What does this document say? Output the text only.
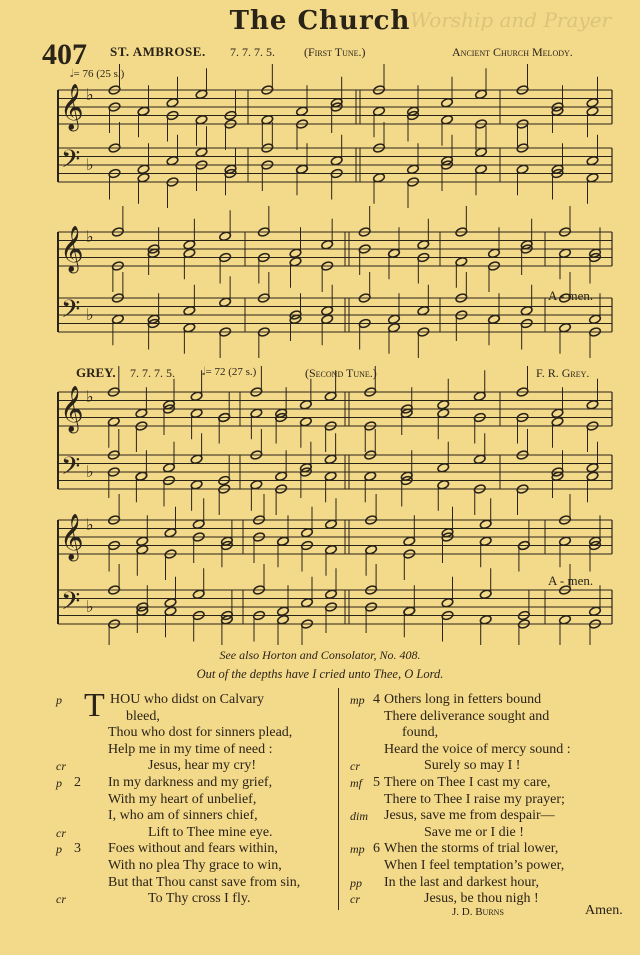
The Church Worship and Prayer
407 ST. AMBROSE. 7. 7. 7. 5. (First Tune.)	Ancient Church Melody.
𝅗𝅥= 76 (25 s.)
GREY. 7. 7. 7. 5. 𝅗𝅥= 72 (27 s.)	(Second Tune.)	F. R. Grey.
𝄞 ♭
𝄢 ♭
𝄞 ♭
𝄢 ♭
𝄞 ♭
𝄢 ♭
𝄞 ♭
𝄢 ♭
A - men.
A - men.
See also Horton and Consolator, No. 408.
Out of the depths have I cried unto Thee, O Lord.
T HOU who didst on Calvary
p
bleed,
Thou who dost for sinners plead,
Help me in my time of need :
Jesus, hear my cry!
cr
In my darkness and my grief,
p 2
With my heart of unbelief,
I, who am of sinners chief,
Lift to Thee mine eye.
cr
Foes without and fears within,
p 3
With no plea Thy grace to win,
But that Thou canst save from sin,
To Thy cross I fly.
cr
Others long in fetters bound
mp 4
There deliverance sought and
found,
Heard the voice of mercy sound :
Surely so may I !
cr
There on Thee I cast my care,
mf 5
There to Thee I raise my prayer;
Jesus, save me from despair—
dim
Save me or I die !
When the storms of trial lower,
mp 6
When I feel temptation’s power,
In the last and darkest hour,
pp
Jesus, be thou nigh !
cr
J. D. Burns	Amen.
